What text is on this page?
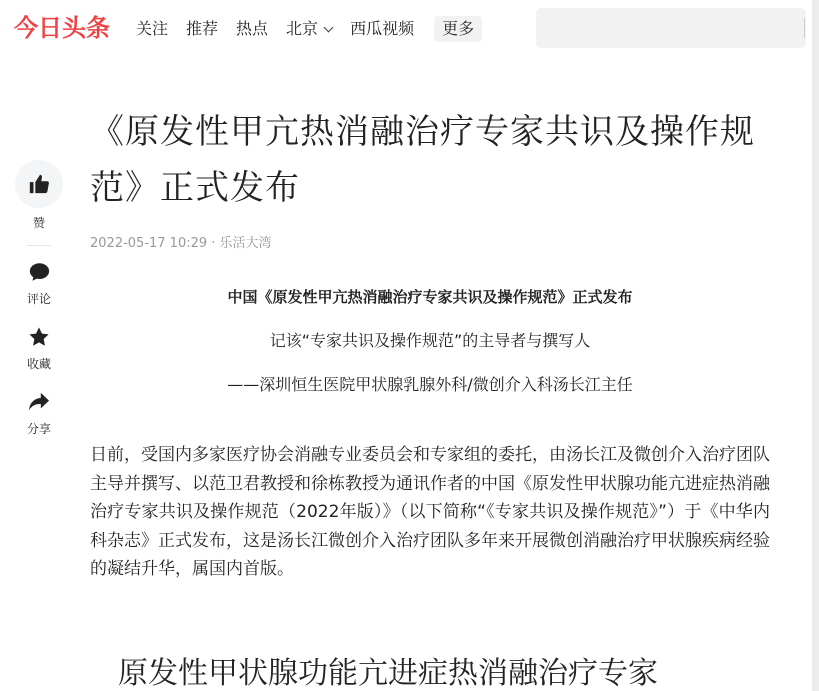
今日头条 关注 推荐 热点 北京	西瓜视频	更多
赞
评论
收藏
分享
《原发性甲亢热消融治疗专家共识及操作规范》正式发布
2022-05-17 10:29 · 乐活大湾
中国《原发性甲亢热消融治疗专家共识及操作规范》正式发布
记该“专家共识及操作规范”的主导者与撰写人
——深圳恒生医院甲状腺乳腺外科/微创介入科汤长江主任

日前，受国内多家医疗协会消融专业委员会和专家组的委托，由汤长江及微创介入治疗团队主导并撰写、以范卫君教授和徐栋教授为通讯作者的中国《原发性甲状腺功能亢进症热消融治疗专家共识及操作规范（2022年版）》（以下简称“《专家共识及操作规范》”）于《中华内科杂志》正式发布，这是汤长江微创介入治疗团队多年来开展微创消融治疗甲状腺疾病经验的凝结升华，属国内首版。

原发性甲状腺功能亢进症热消融治疗专家
